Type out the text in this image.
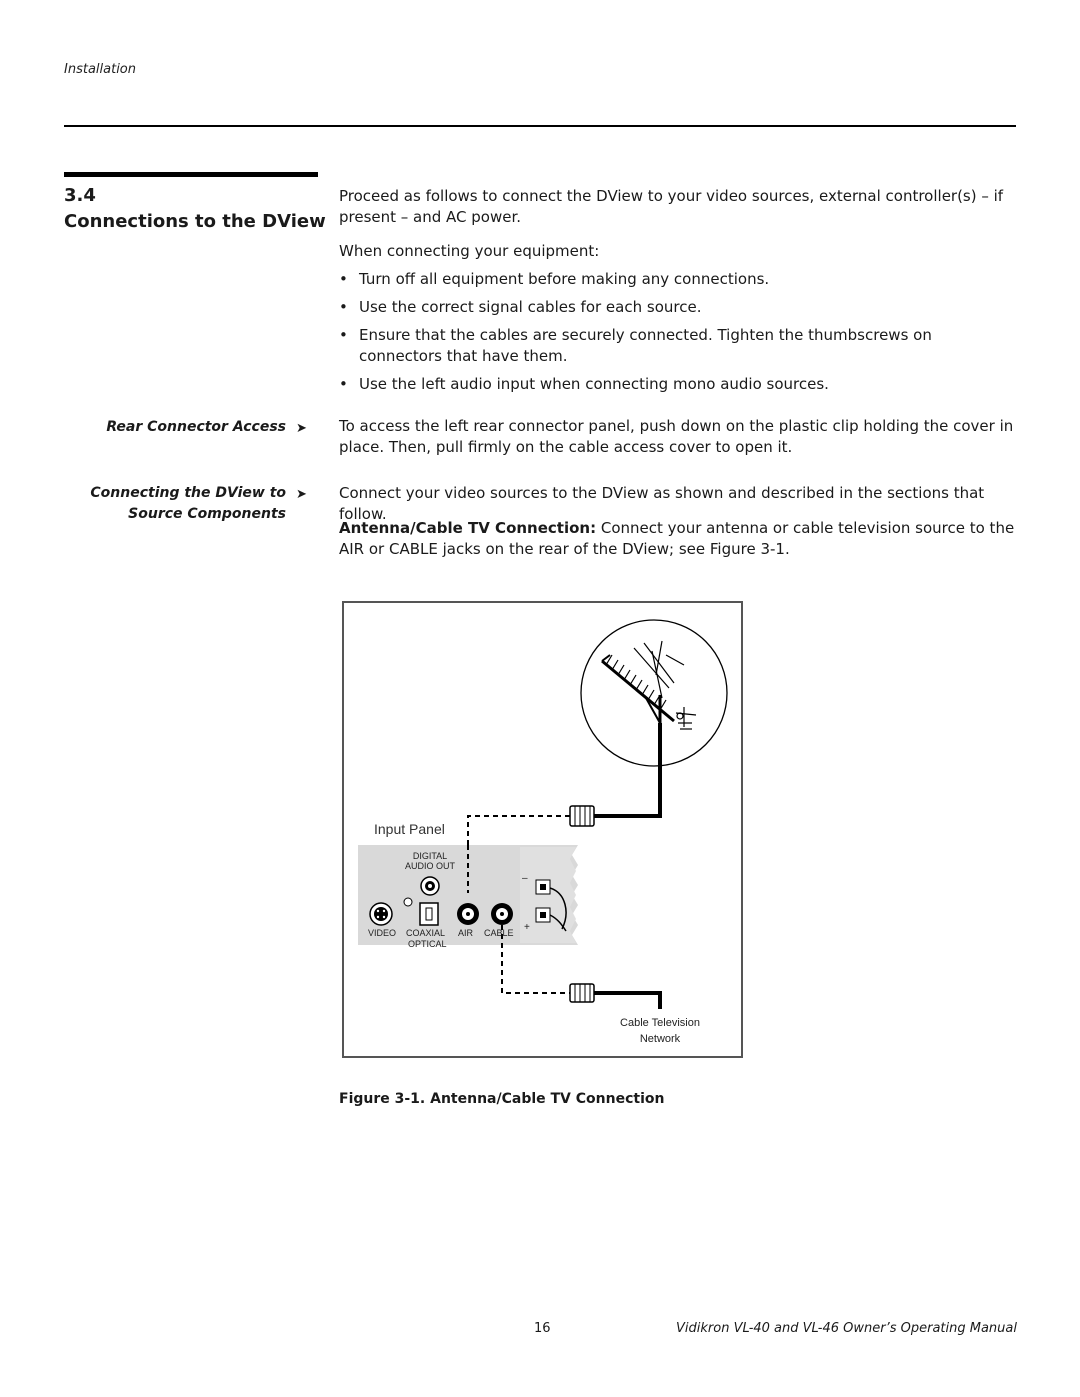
Installation
3.4
Connections to the DView
Proceed as follows to connect the DView to your video sources, external controller(s) – if present – and AC power.
When connecting your equipment:
• Turn off all equipment before making any connections.
• Use the correct signal cables for each source.
• Ensure that the cables are securely connected. Tighten the thumbscrews on connectors that have them.
• Use the left audio input when connecting mono audio sources.
Rear Connector Access ➤ To access the left rear connector panel, push down on the plastic clip holding the cover in place. Then, pull firmly on the cable access cover to open it.
Connecting the DView to
Source Components
➤ Connect your video sources to the DView as shown and described in the sections that follow.
Antenna/Cable TV Connection: Connect your antenna or cable television source to the AIR or CABLE jacks on the rear of the DView; see Figure 3-1.
Input Panel
DIGITAL
AUDIO OUT
–
+
VIDEO COAXIAL
OPTICAL
AIR CABLE
Cable Television
Network
Figure 3-1. Antenna/Cable TV Connection
16	Vidikron VL-40 and VL-46 Owner’s Operating Manual
